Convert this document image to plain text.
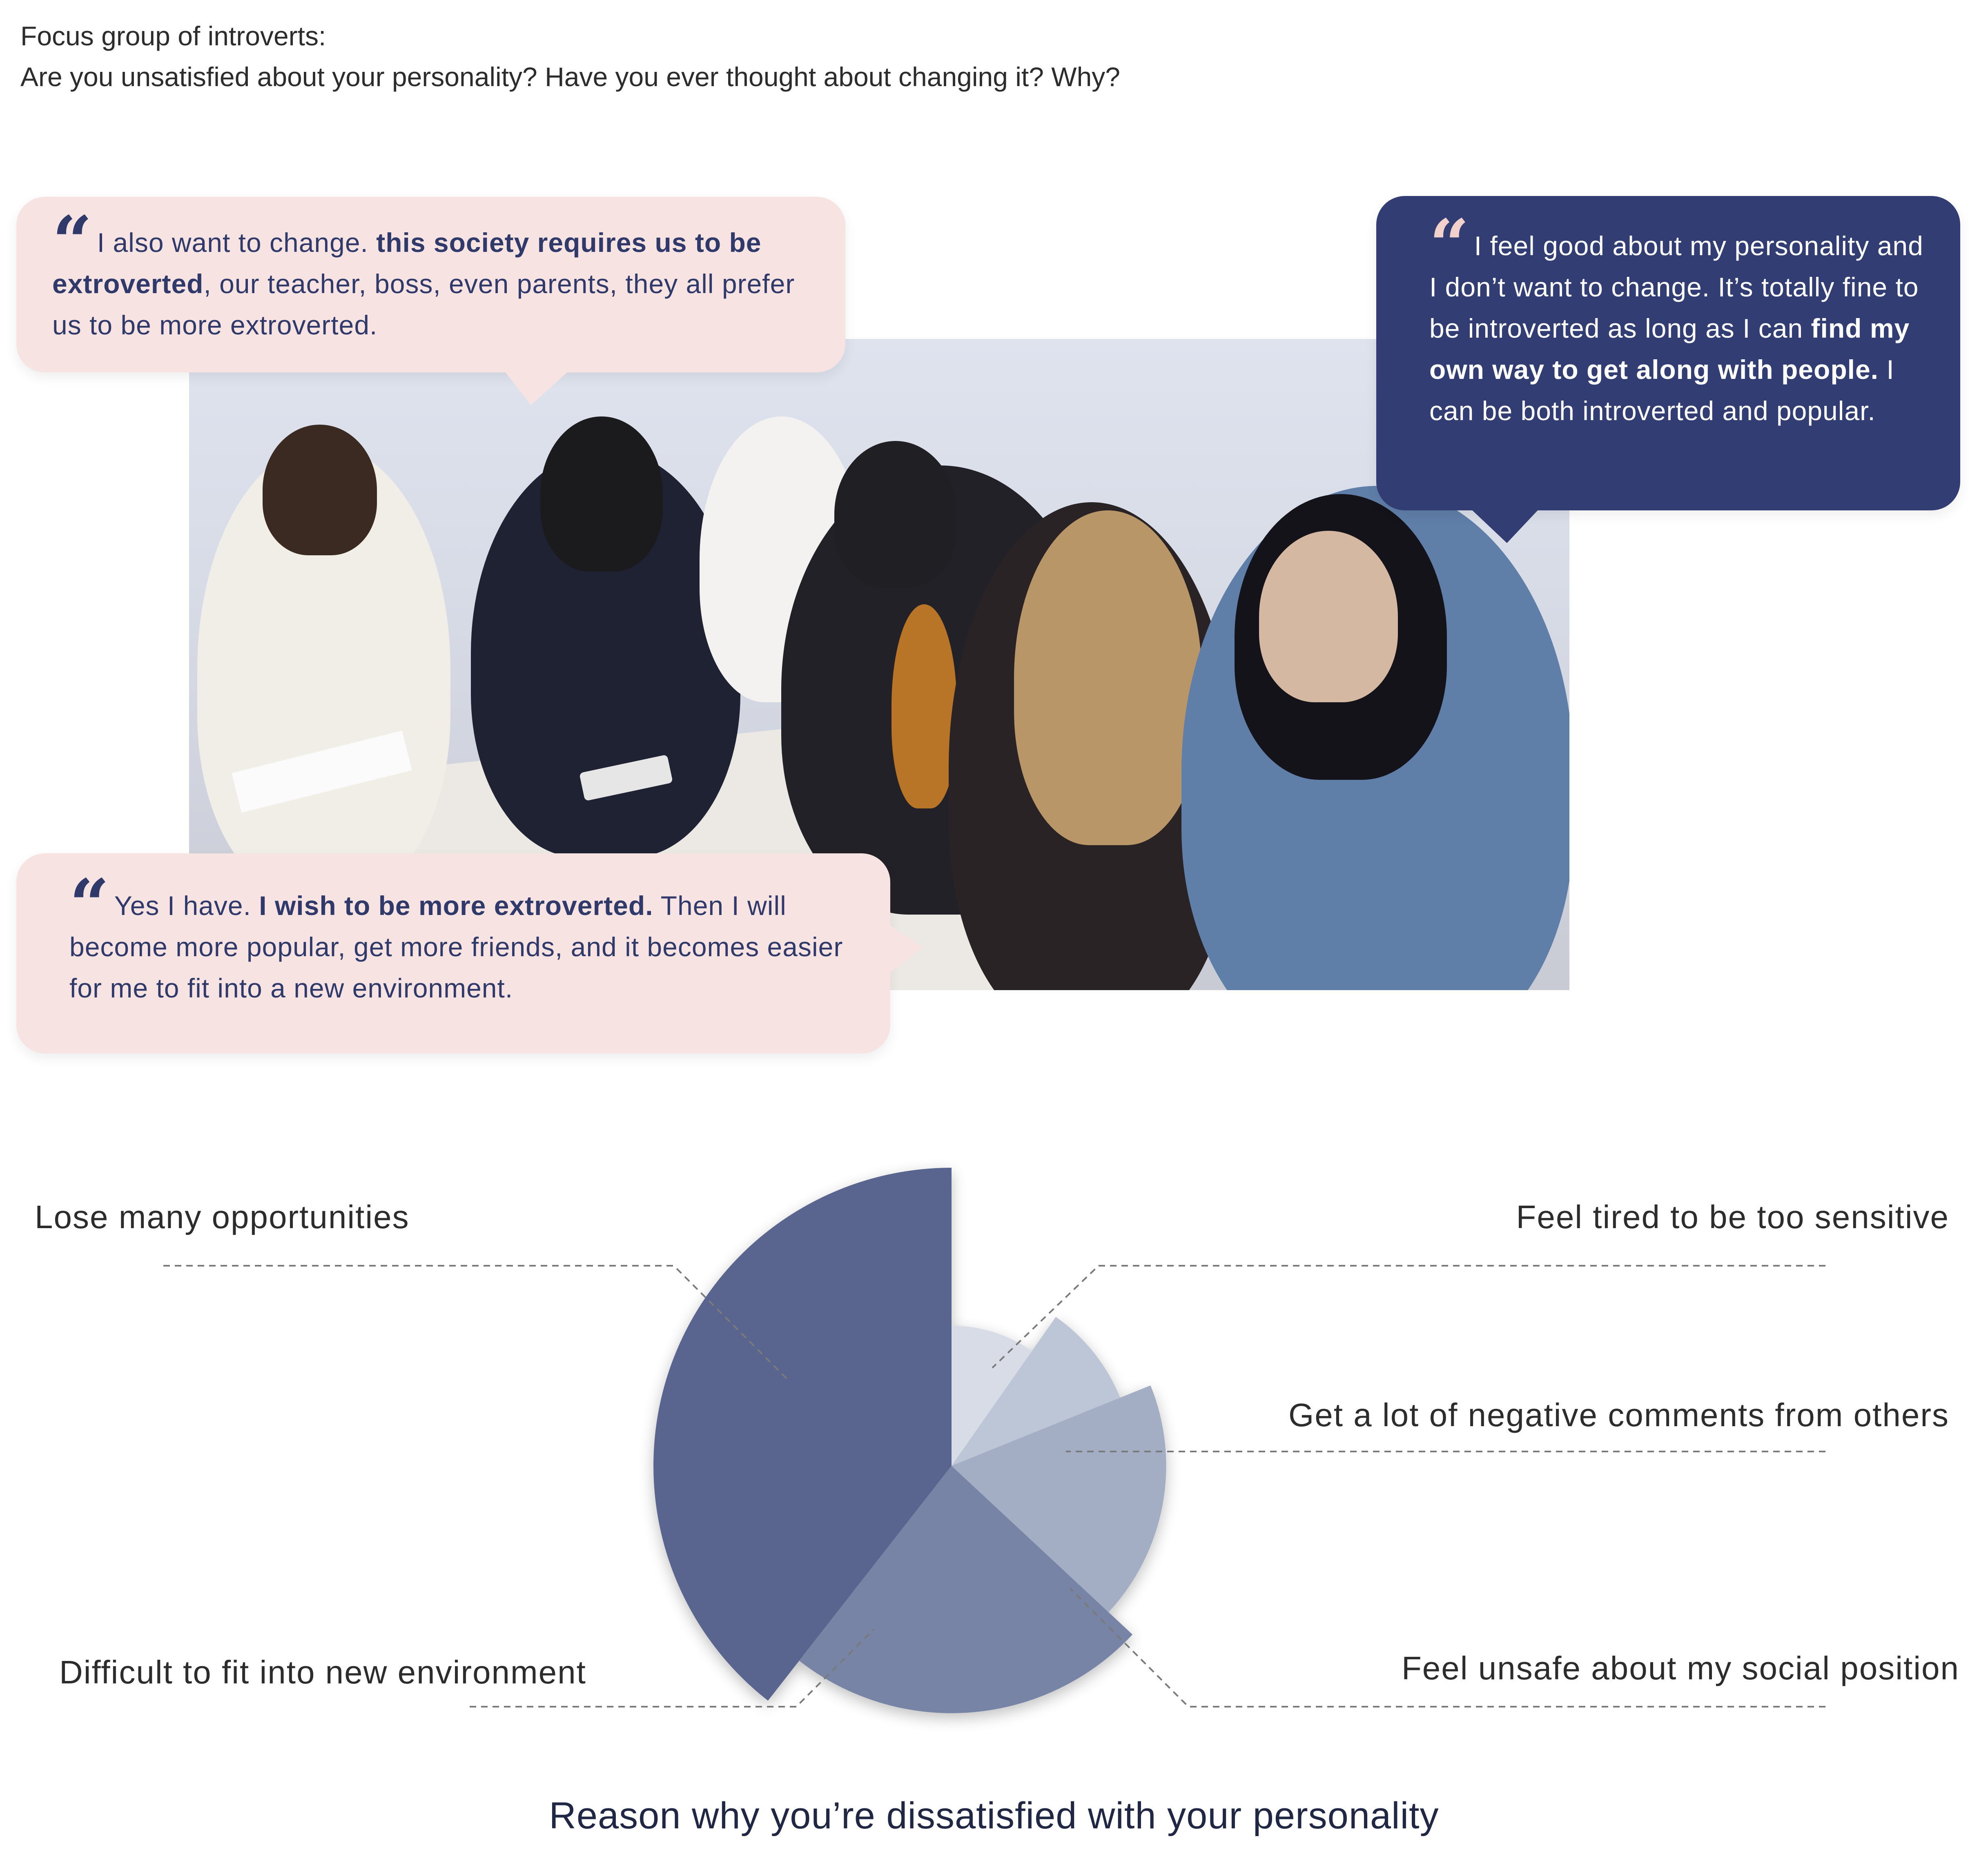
Focus group of introverts:
Are you unsatisfied about your personality? Have you ever thought about changing it? Why?
“ I also want to change. this society requires us to be extroverted, our teacher, boss, even parents, they all prefer us to be more extroverted.
“ I feel good about my personality and I don’t want to change. It’s totally fine to be introverted as long as I can find my own way to get along with people. I can be both introverted and popular.
“ Yes I have. I wish to be more extroverted. Then I will become more popular, get more friends, and it becomes easier for me to fit into a new environment.
Lose many opportunities
Difficult to fit into new environment	Feel unsafe about my social position
Get a lot of negative comments from others
Feel tired to be too sensitive
Reason why you’re dissatisfied with your personality
